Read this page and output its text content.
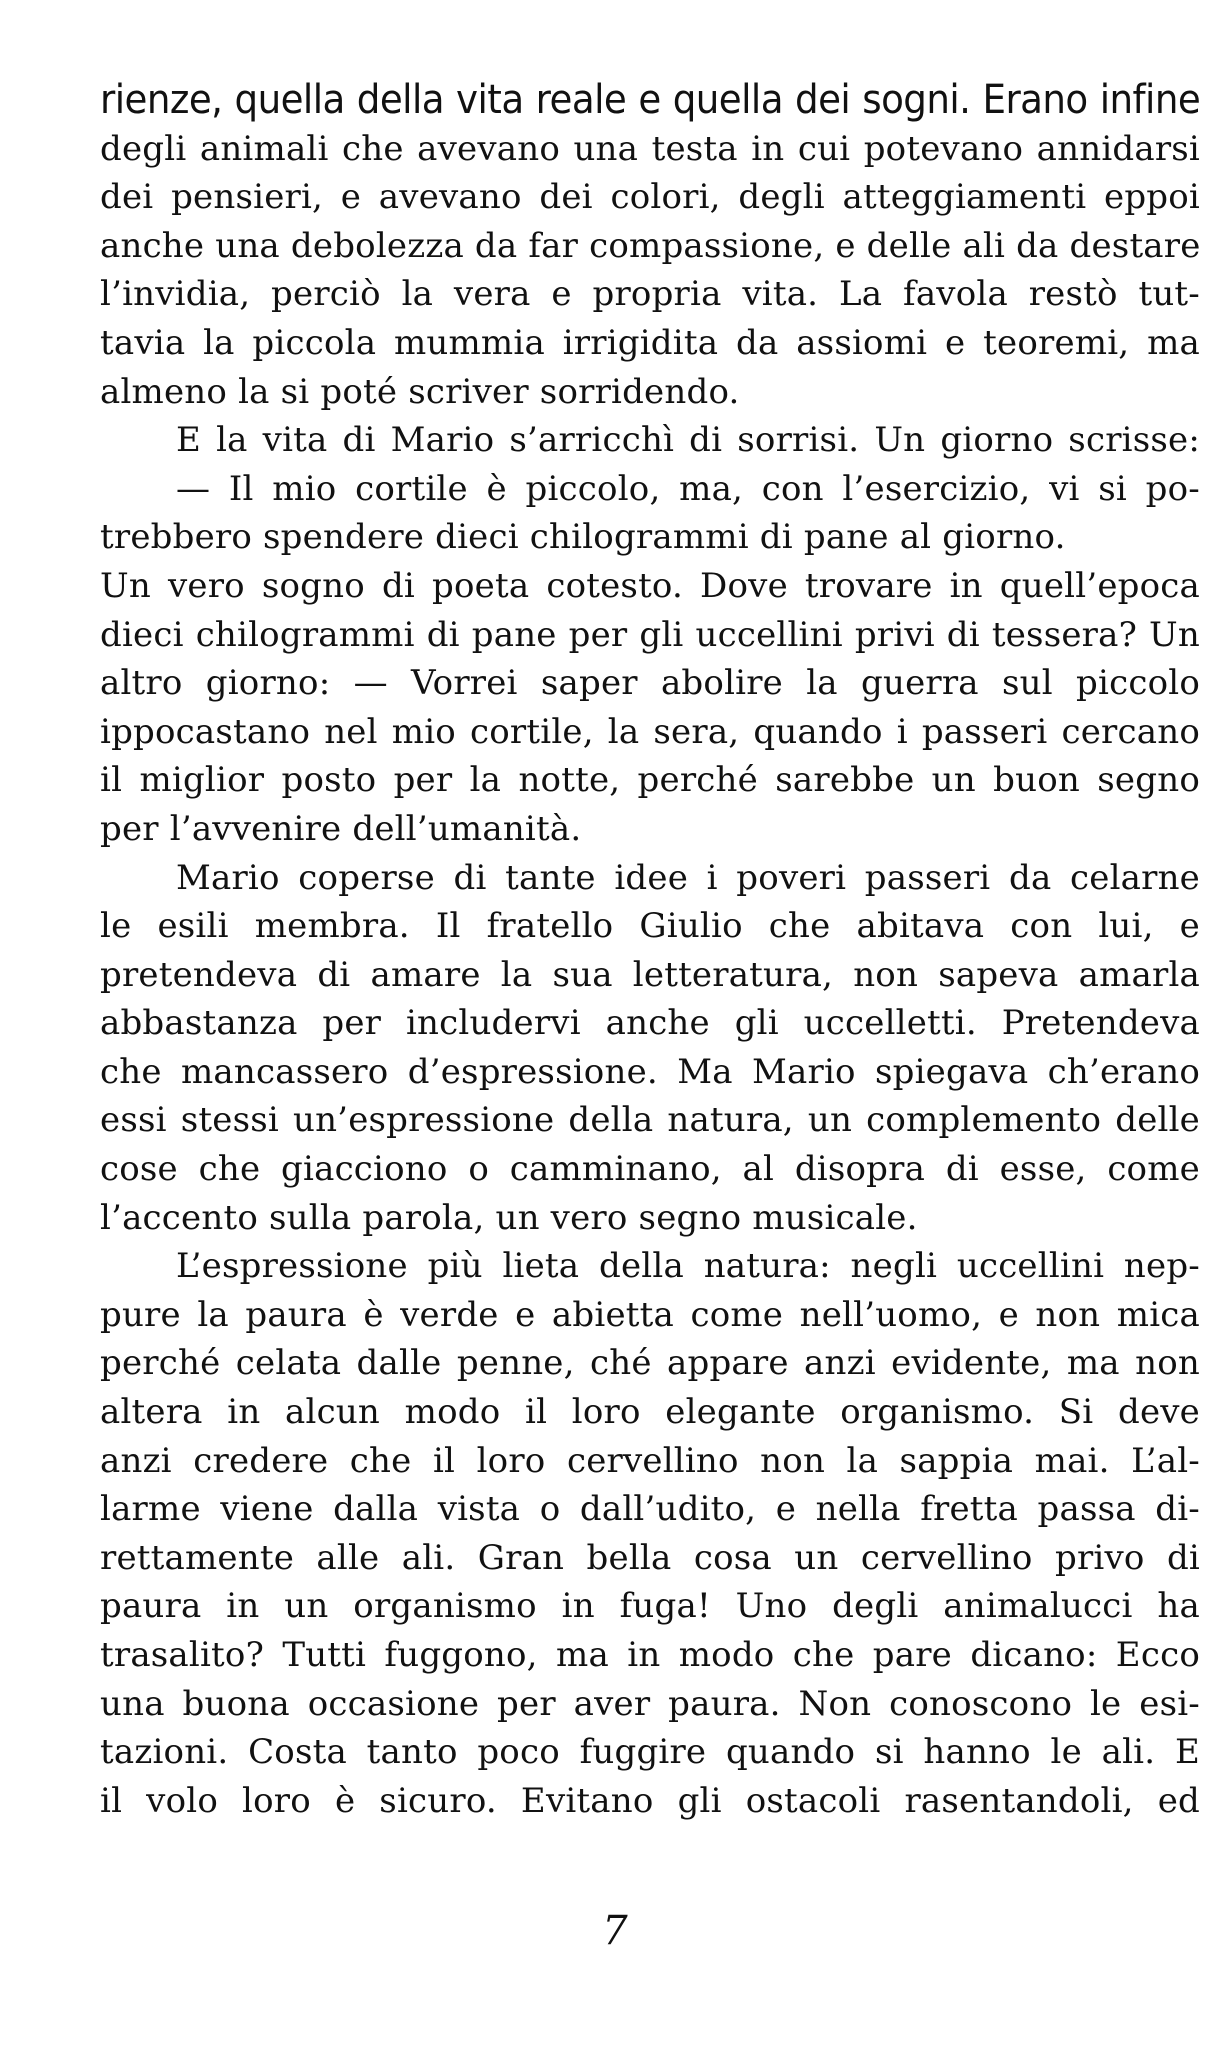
rienze, quella della vita reale e quella dei sogni. Erano infine
degli animali che avevano una testa in cui potevano annidarsi
dei pensieri, e avevano dei colori, degli atteggiamenti eppoi
anche una debolezza da far compassione, e delle ali da destare
l’invidia, perciò la vera e propria vita. La favola restò tut-
tavia la piccola mummia irrigidita da assiomi e teoremi, ma
almeno la si poté scriver sorridendo.
E la vita di Mario s’arricchì di sorrisi. Un giorno scrisse:
— Il mio cortile è piccolo, ma, con l’esercizio, vi si po-
trebbero spendere dieci chilogrammi di pane al giorno.
Un vero sogno di poeta cotesto. Dove trovare in quell’epoca
dieci chilogrammi di pane per gli uccellini privi di tessera? Un
altro giorno: — Vorrei saper abolire la guerra sul piccolo
ippocastano nel mio cortile, la sera, quando i passeri cercano
il miglior posto per la notte, perché sarebbe un buon segno
per l’avvenire dell’umanità.
Mario coperse di tante idee i poveri passeri da celarne
le esili membra. Il fratello Giulio che abitava con lui, e
pretendeva di amare la sua letteratura, non sapeva amarla
abbastanza per includervi anche gli uccelletti. Pretendeva
che mancassero d’espressione. Ma Mario spiegava ch’erano
essi stessi un’espressione della natura, un complemento delle
cose che giacciono o camminano, al disopra di esse, come
l’accento sulla parola, un vero segno musicale.
L’espressione più lieta della natura: negli uccellini nep-
pure la paura è verde e abietta come nell’uomo, e non mica
perché celata dalle penne, ché appare anzi evidente, ma non
altera in alcun modo il loro elegante organismo. Si deve
anzi credere che il loro cervellino non la sappia mai. L’al-
larme viene dalla vista o dall’udito, e nella fretta passa di-
rettamente alle ali. Gran bella cosa un cervellino privo di
paura in un organismo in fuga! Uno degli animalucci ha
trasalito? Tutti fuggono, ma in modo che pare dicano: Ecco
una buona occasione per aver paura. Non conoscono le esi-
tazioni. Costa tanto poco fuggire quando si hanno le ali. E
il volo loro è sicuro. Evitano gli ostacoli rasentandoli, ed
7
